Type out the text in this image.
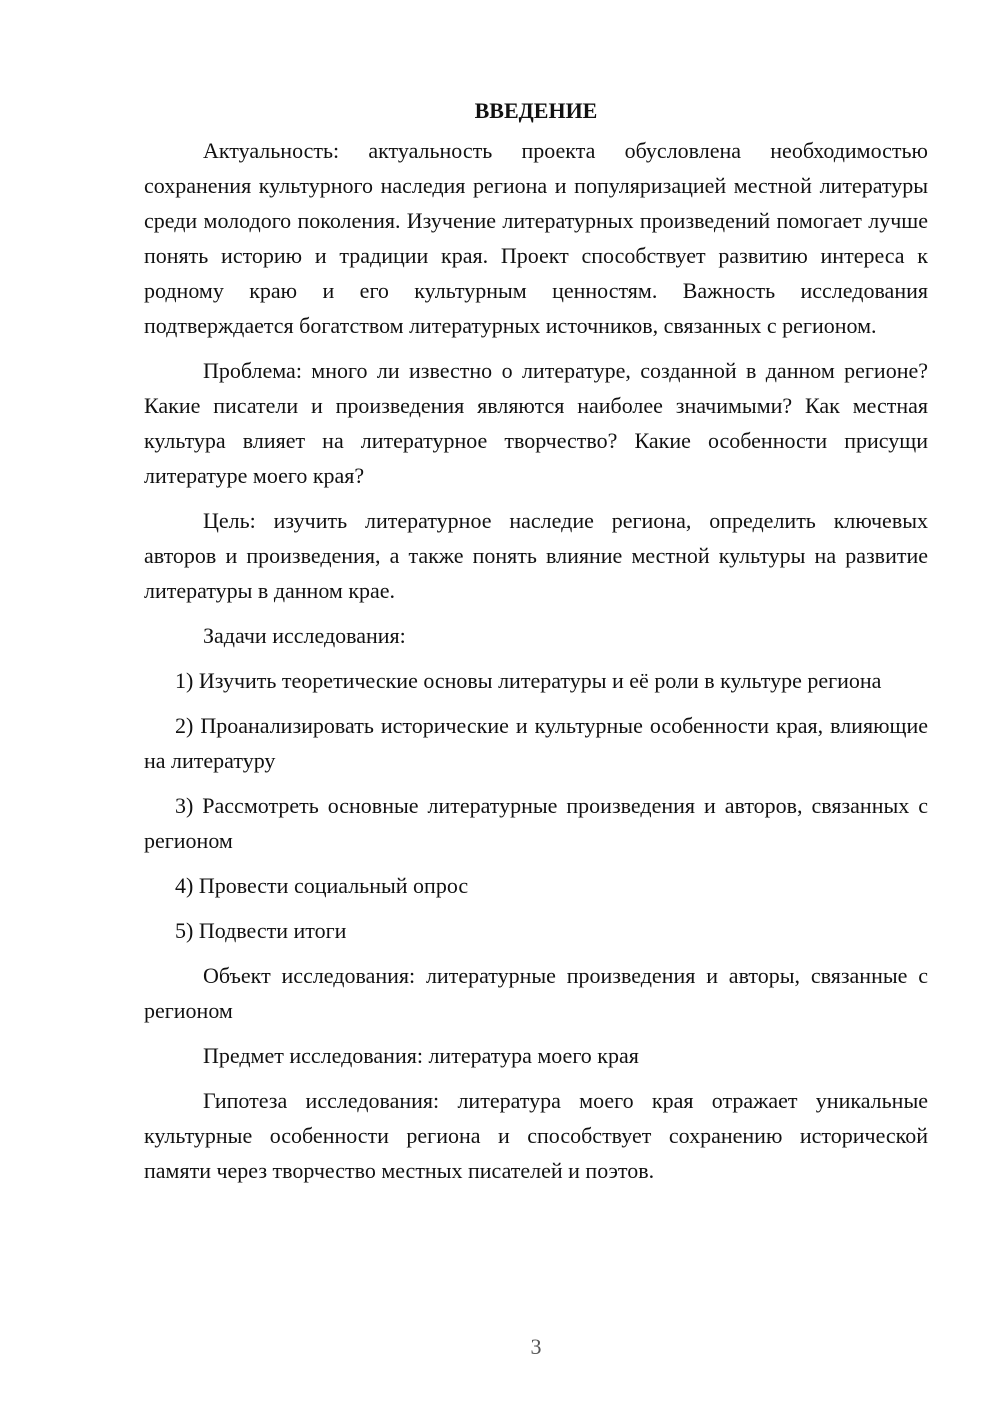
ВВЕДЕНИЕ

Актуальность: актуальность проекта обусловлена необходимостью сохранения культурного наследия региона и популяризацией местной литературы среди молодого поколения. Изучение литературных произведений помогает лучше понять историю и традиции края. Проект способствует развитию интереса к родному краю и его культурным ценностям. Важность исследования подтверждается богатством литературных источников, связанных с регионом.

Проблема: много ли известно о литературе, созданной в данном регионе? Какие писатели и произведения являются наиболее значимыми? Как местная культура влияет на литературное творчество? Какие особенности присущи литературе моего края?

Цель: изучить литературное наследие региона, определить ключевых авторов и произведения, а также понять влияние местной культуры на развитие литературы в данном крае.

Задачи исследования:

1) Изучить теоретические основы литературы и её роли в культуре региона

2) Проанализировать исторические и культурные особенности края, влияющие на литературу

3) Рассмотреть основные литературные произведения и авторов, связанных с регионом

4) Провести социальный опрос

5) Подвести итоги

Объект исследования: литературные произведения и авторы, связанные с регионом

Предмет исследования: литература моего края

Гипотеза исследования: литература моего края отражает уникальные культурные особенности региона и способствует сохранению исторической памяти через творчество местных писателей и поэтов.

3
